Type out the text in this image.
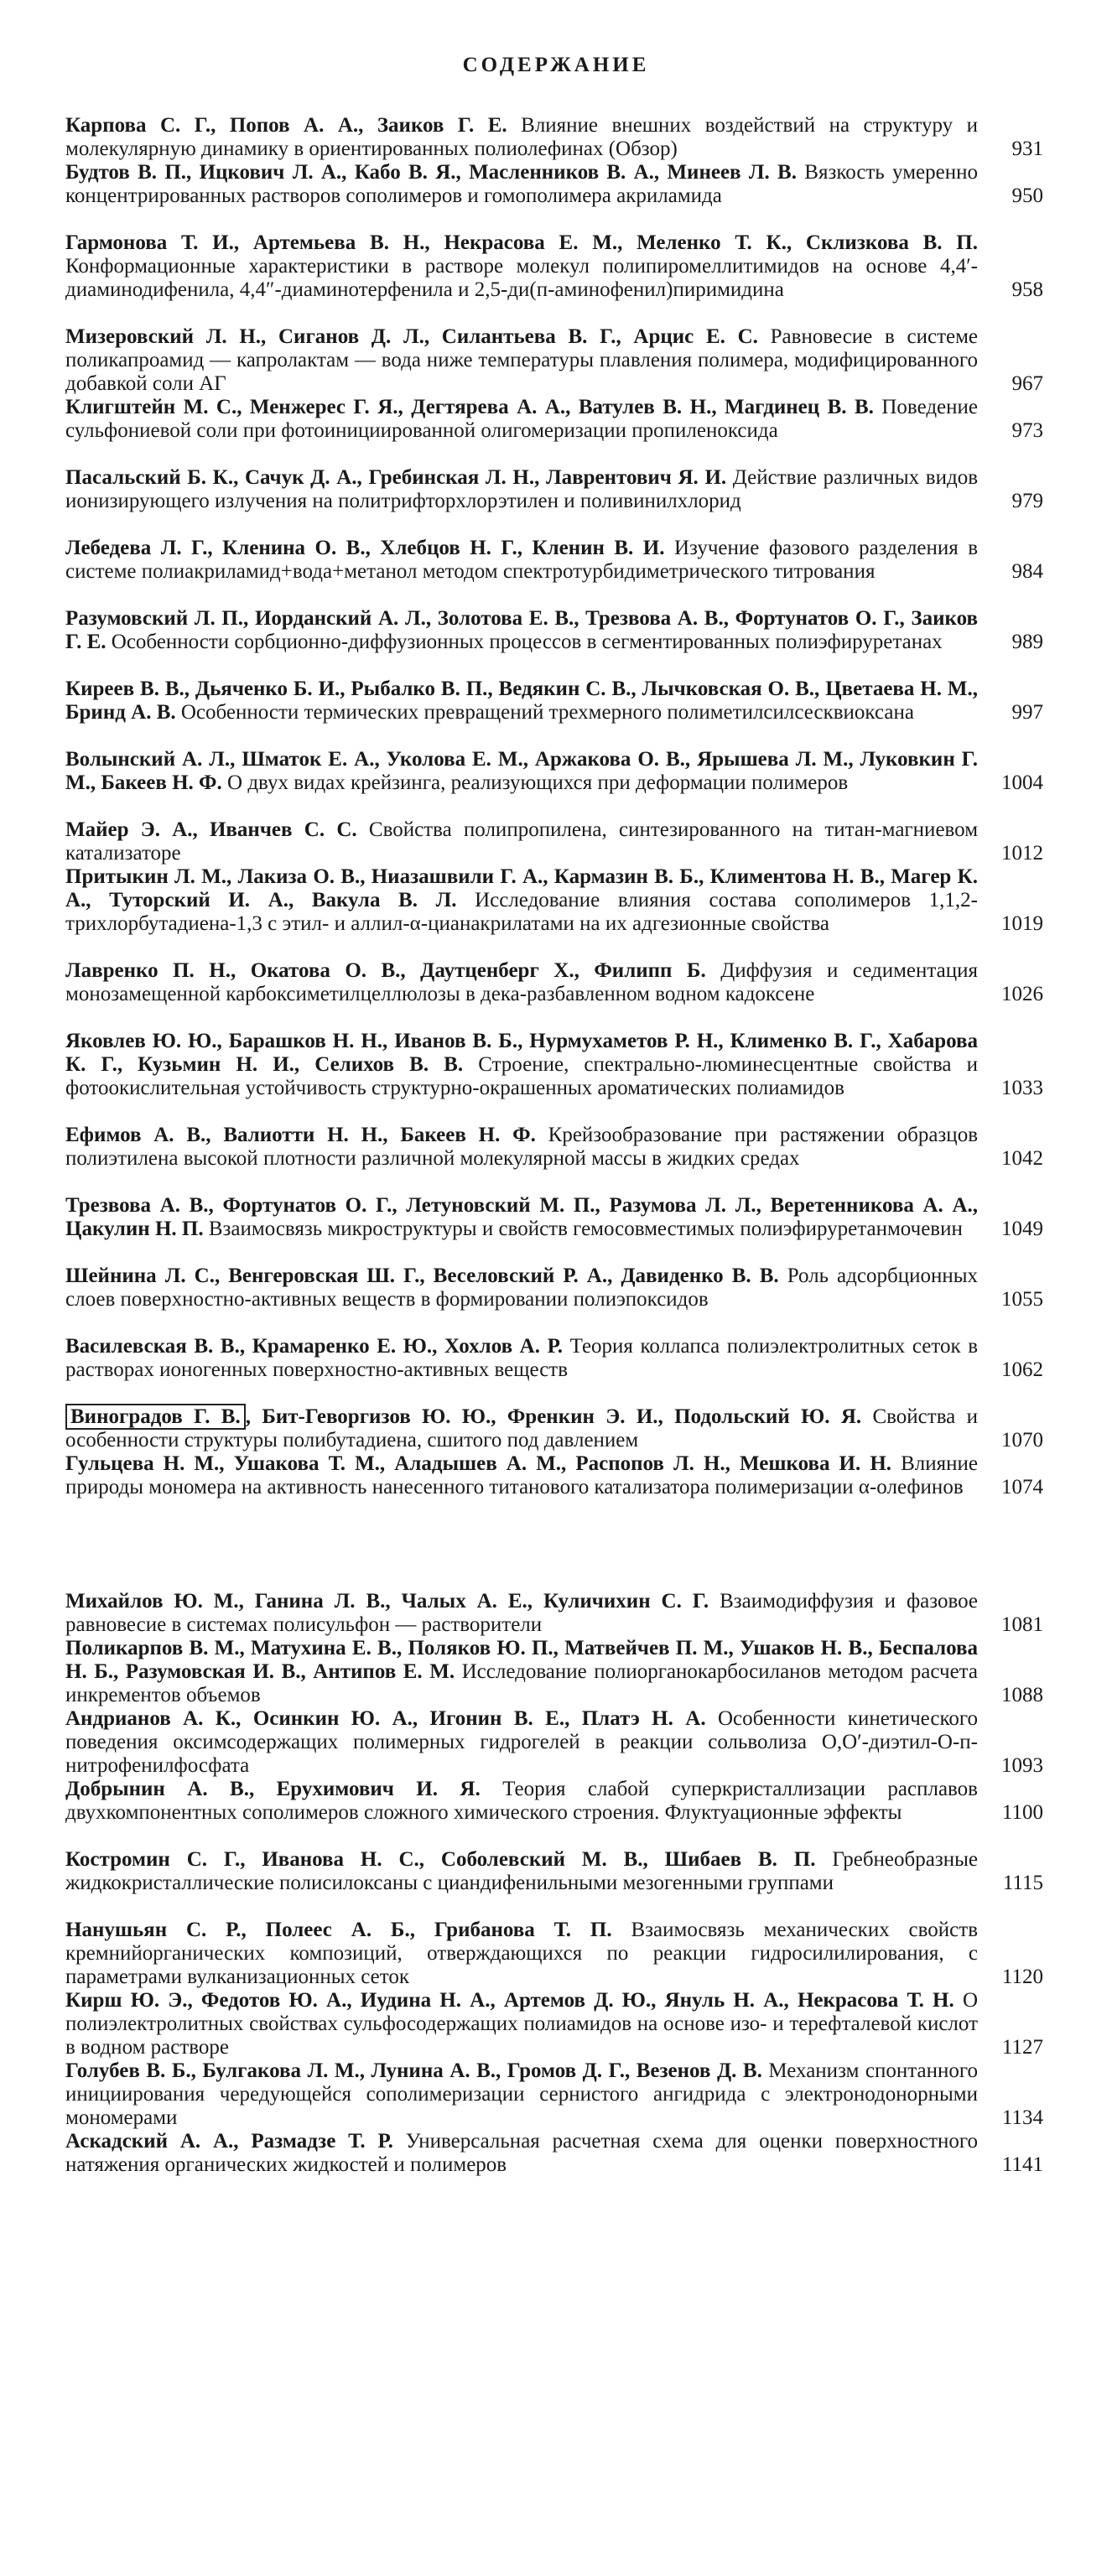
СОДЕРЖАНИЕ
Карпова С. Г., Попов А. А., Заиков Г. Е. Влияние внешних воздействий на структуру и молекулярную динамику в ориентированных полиолефинах (Обзор)	931
Будтов В. П., Ицкович Л. А., Кабо В. Я., Масленников В. А., Минеев Л. В. Вязкость умеренно концентрированных растворов сополимеров и гомополимера акриламида	950
Гармонова Т. И., Артемьева В. Н., Некрасова Е. М., Меленко Т. К., Склизкова В. П. Конформационные характеристики в растворе молекул полипиромеллитимидов на основе 4,4′-диаминодифенила, 4,4″-диаминотерфенила и 2,5-ди(п-аминофенил)пиримидина	958
Мизеровский Л. Н., Сиганов Д. Л., Силантьева В. Г., Арцис Е. С. Равновесие в системе поликапроамид — капролактам — вода ниже температуры плавления полимера, модифицированного добавкой соли АГ	967
Клигштейн М. С., Менжерес Г. Я., Дегтярева А. А., Ватулев В. Н., Магдинец В. В. Поведение сульфониевой соли при фотоинициированной олигомеризации пропиленоксида	973
Пасальский Б. К., Сачук Д. А., Гребинская Л. Н., Лаврентович Я. И. Действие различных видов ионизирующего излучения на политрифторхлорэтилен и поливинилхлорид	979
Лебедева Л. Г., Кленина О. В., Хлебцов Н. Г., Кленин В. И. Изучение фазового разделения в системе полиакриламид+вода+метанол методом спектротурбидиметрического титрования	984
Разумовский Л. П., Иорданский А. Л., Золотова Е. В., Трезвова А. В., Фортунатов О. Г., Заиков Г. Е. Особенности сорбционно-диффузионных процессов в сегментированных полиэфируретанах	989
Киреев В. В., Дьяченко Б. И., Рыбалко В. П., Ведякин С. В., Лычковская О. В., Цветаева Н. М., Бринд А. В. Особенности термических превращений трехмерного полиметилсилсесквиоксана	997
Волынский А. Л., Шматок Е. А., Уколова Е. М., Аржакова О. В., Ярышева Л. М., Луковкин Г. М., Бакеев Н. Ф. О двух видах крейзинга, реализующихся при деформации полимеров	1004
Майер Э. А., Иванчев С. С. Свойства полипропилена, синтезированного на титан-магниевом катализаторе	1012
Притыкин Л. М., Лакиза О. В., Ниазашвили Г. А., Кармазин В. Б., Климентова Н. В., Магер К. А., Туторский И. А., Вакула В. Л. Исследование влияния состава сополимеров 1,1,2-трихлорбутадиена-1,3 с этил- и аллил-α-цианакрилатами на их адгезионные свойства	1019
Лавренко П. Н., Окатова О. В., Даутценберг Х., Филипп Б. Диффузия и седиментация монозамещенной карбоксиметилцеллюлозы в дека-разбавленном водном кадоксене	1026
Яковлев Ю. Ю., Барашков Н. Н., Иванов В. Б., Нурмухаметов Р. Н., Клименко В. Г., Хабарова К. Г., Кузьмин Н. И., Селихов В. В. Строение, спектрально-люминесцентные свойства и фотоокислительная устойчивость структурно-окрашенных ароматических полиамидов	1033
Ефимов А. В., Валиотти Н. Н., Бакеев Н. Ф. Крейзообразование при растяжении образцов полиэтилена высокой плотности различной молекулярной массы в жидких средах	1042
Трезвова А. В., Фортунатов О. Г., Летуновский М. П., Разумова Л. Л., Веретенникова А. А., Цакулин Н. П. Взаимосвязь микроструктуры и свойств гемосовместимых полиэфируретанмочевин	1049
Шейнина Л. С., Венгеровская Ш. Г., Веселовский Р. А., Давиденко В. В. Роль адсорбционных слоев поверхностно-активных веществ в формировании полиэпоксидов	1055
Василевская В. В., Крамаренко Е. Ю., Хохлов А. Р. Теория коллапса полиэлектролитных сеток в растворах ионогенных поверхностно-активных веществ	1062
Виноградов Г. В. , Бит-Геворгизов Ю. Ю., Френкин Э. И., Подольский Ю. Я. Свойства и особенности структуры полибутадиена, сшитого под давлением	1070
Гульцева Н. М., Ушакова Т. М., Аладышев А. М., Распопов Л. Н., Мешкова И. Н. Влияние природы мономера на активность нанесенного титанового катализатора полимеризации α-олефинов	1074
Михайлов Ю. М., Ганина Л. В., Чалых А. Е., Куличихин С. Г. Взаимодиффузия и фазовое равновесие в системах полисульфон — растворители	1081
Поликарпов В. М., Матухина Е. В., Поляков Ю. П., Матвейчев П. М., Ушаков Н. В., Беспалова Н. Б., Разумовская И. В., Антипов Е. М. Исследование полиорганокарбосиланов методом расчета инкрементов объемов	1088
Андрианов А. К., Осинкин Ю. А., Игонин В. Е., Платэ Н. А. Особенности кинетического поведения оксимсодержащих полимерных гидрогелей в реакции сольволиза O,O′-диэтил-O-п-нитрофенилфосфата	1093
Добрынин А. В., Ерухимович И. Я. Теория слабой суперкристаллизации расплавов двухкомпонентных сополимеров сложного химического строения. Флуктуационные эффекты	1100
Костромин С. Г., Иванова Н. С., Соболевский М. В., Шибаев В. П. Гребнеобразные жидкокристаллические полисилоксаны с циандифенильными мезогенными группами	1115
Нанушьян С. Р., Полеес А. Б., Грибанова Т. П. Взаимосвязь механических свойств кремнийорганических композиций, отверждающихся по реакции гидросилилирования, с параметрами вулканизационных сеток	1120
Кирш Ю. Э., Федотов Ю. А., Иудина Н. А., Артемов Д. Ю., Януль Н. А., Некрасова Т. Н. О полиэлектролитных свойствах сульфосодержащих полиамидов на основе изо- и терефталевой кислот в водном растворе	1127
Голубев В. Б., Булгакова Л. М., Лунина А. В., Громов Д. Г., Везенов Д. В. Механизм спонтанного инициирования чередующейся сополимеризации сернистого ангидрида с электронодонорными мономерами	1134
Аскадский А. А., Размадзе Т. Р. Универсальная расчетная схема для оценки поверхностного натяжения органических жидкостей и полимеров	1141
